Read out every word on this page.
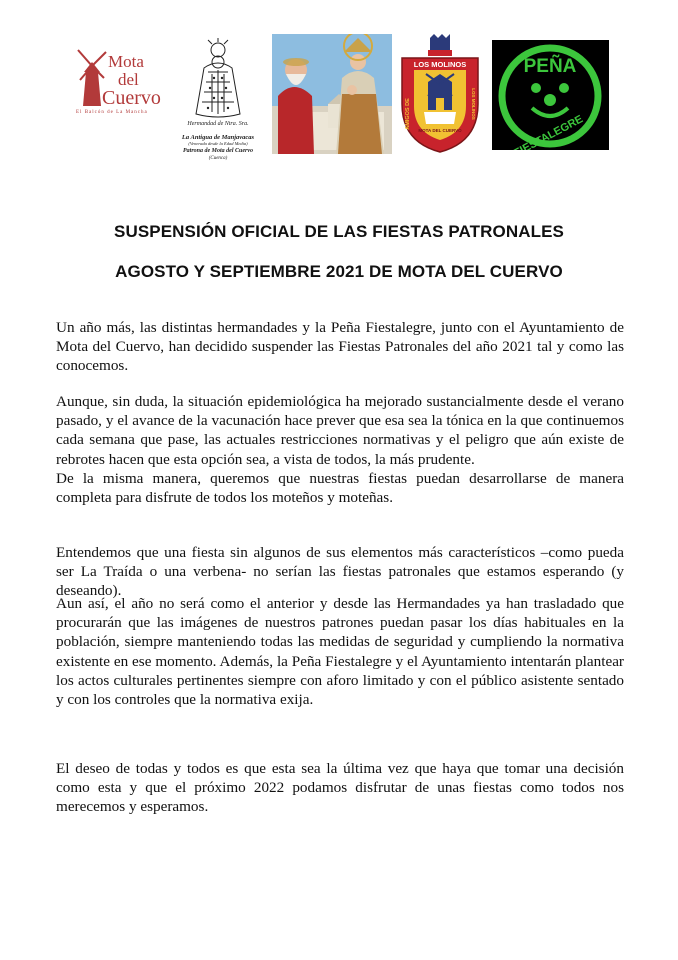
Mota
del
Cuervo
El Balcón de La Mancha
Hermandad de Ntra. Sra.
La Antigua de Manjavacas
(Venerada desde la Edad Media)
Patrona de Mota del Cuervo
(Cuenca)
LOS MOLINOS
AMIGOS DE	LOS MOLINOS
MOTA DEL CUERVO
PEÑA
FIESTALEGRE
SUSPENSIÓN OFICIAL DE LAS FIESTAS PATRONALES
AGOSTO Y SEPTIEMBRE 2021 DE MOTA DEL CUERVO

Un año más, las distintas hermandades y la Peña Fiestalegre, junto con el Ayuntamiento de Mota del Cuervo, han decidido suspender las Fiestas Patronales del año 2021 tal y como las conocemos.

Aunque, sin duda, la situación epidemiológica ha mejorado sustancialmente desde el verano pasado, y el avance de la vacunación hace prever que esa sea la tónica en la que continuemos cada semana que pase, las actuales restricciones normativas y el peligro que aún existe de rebrotes hacen que esta opción sea, a vista de todos, la más prudente.

De la misma manera, queremos que nuestras fiestas puedan desarrollarse de manera completa para disfrute de todos los moteños y moteñas.

Entendemos que una fiesta sin algunos de sus elementos más característicos –como pueda ser La Traída o una verbena- no serían las fiestas patronales que estamos esperando (y deseando).

Aun así, el año no será como el anterior y desde las Hermandades ya han trasladado que procurarán que las imágenes de nuestros patrones puedan pasar los días habituales en la población, siempre manteniendo todas las medidas de seguridad y cumpliendo la normativa existente en ese momento. Además, la Peña Fiestalegre y el Ayuntamiento intentarán plantear los actos culturales pertinentes siempre con aforo limitado y con el público asistente sentado y con los controles que la normativa exija.

El deseo de todas y todos es que esta sea la última vez que haya que tomar una decisión como esta y que el próximo 2022 podamos disfrutar de unas fiestas como todos nos merecemos y esperamos.
